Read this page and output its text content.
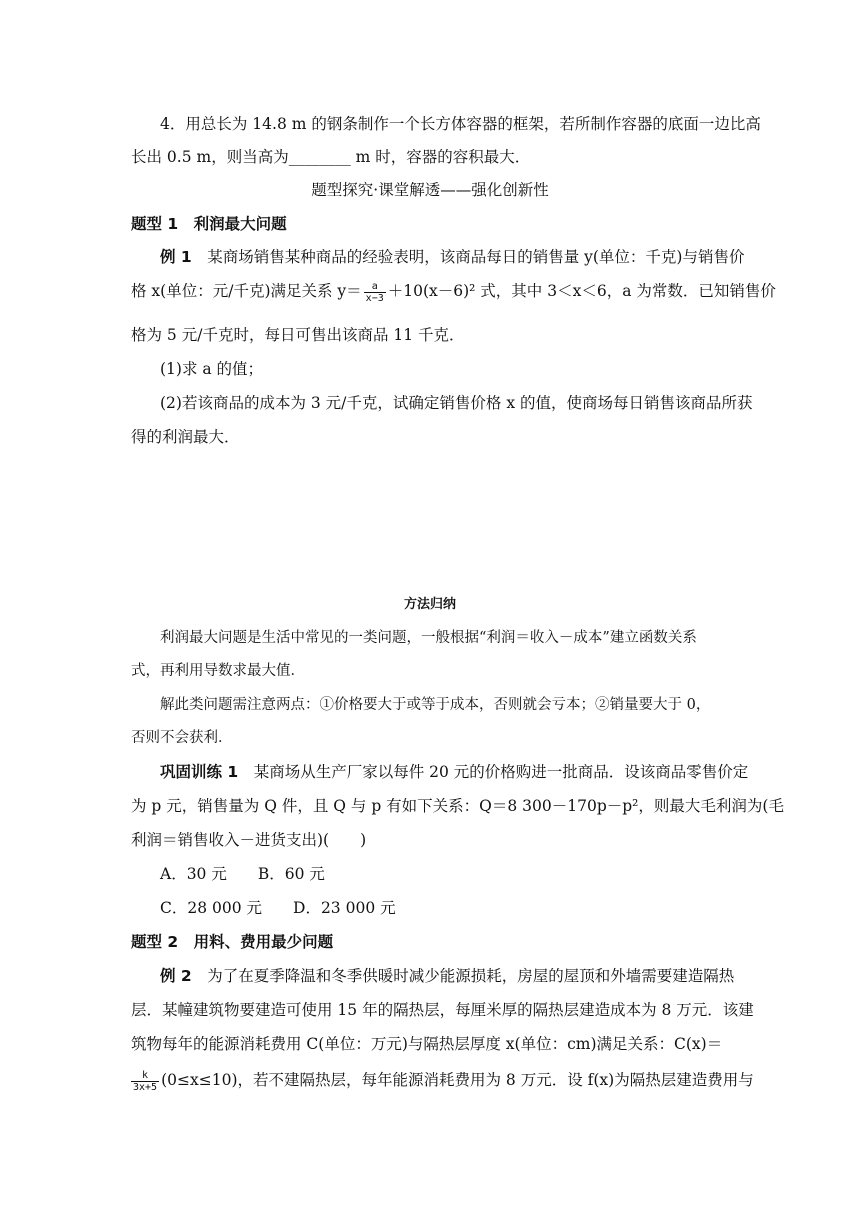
4．用总长为 14.8 m 的钢条制作一个长方体容器的框架，若所制作容器的底面一边比高
长出 0.5 m，则当高为________ m 时，容器的容积最大．
题型探究·课堂解透——强化创新性
题型 1　利润最大问题
例 1　某商场销售某种商品的经验表明，该商品每日的销售量 y(单位：千克)与销售价
格 x(单位：元/千克)满足关系 $y= \frac{a}{x-3} +10(x-6)^2$ 式，其中 3＜x＜6，a 为常数．已知销售价
格为 5 元/千克时，每日可售出该商品 11 千克．
(1)求 a 的值；
(2)若该商品的成本为 3 元/千克，试确定销售价格 x 的值，使商场每日销售该商品所获
得的利润最大．
方法归纳
利润最大问题是生活中常见的一类问题，一般根据“利润＝收入－成本”建立函数关系
式，再利用导数求最大值．
解此类问题需注意两点：①价格要大于或等于成本，否则就会亏本；②销量要大于 0，
否则不会获利．
巩固训练 1　某商场从生产厂家以每件 20 元的价格购进一批商品．设该商品零售价定
为 p 元，销售量为 Q 件，且 Q 与 p 有如下关系：Q＝8 300－170p－p²，则最大毛利润为(毛
利润＝销售收入－进货支出)(　　)
A．30 元　　B．60 元
C．28 000 元　　D．23 000 元
题型 2　用料、费用最少问题
例 2　为了在夏季降温和冬季供暖时减少能源损耗，房屋的屋顶和外墙需要建造隔热
层．某幢建筑物要建造可使用 15 年的隔热层，每厘米厚的隔热层建造成本为 8 万元．该建
筑物每年的能源消耗费用 C(单位：万元)与隔热层厚度 x(单位：cm)满足关系：C(x)＝
$\frac{k}{3x+5} (0\le x\le 10)$，若不建隔热层，每年能源消耗费用为 8 万元．设 f(x)为隔热层建造费用与
